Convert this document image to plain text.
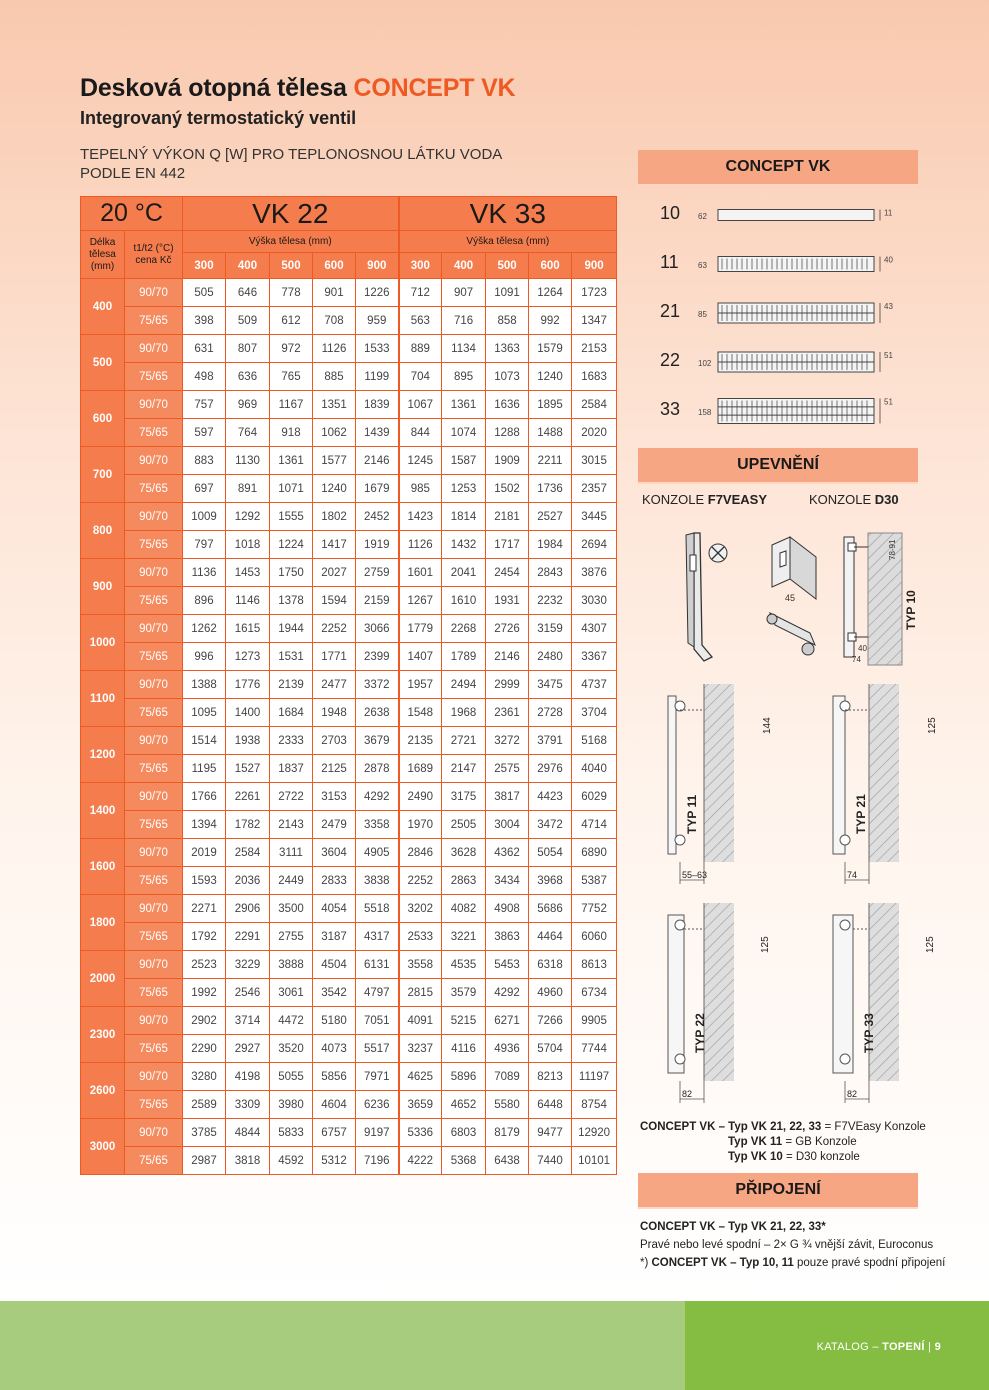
Desková otopná tělesa CONCEPT VK
Integrovaný termostatický ventil
TEPELNÝ VÝKON Q [W] PRO TEPLONOSNOU LÁTKU VODA
PODLE EN 442
20 °C		VK 22					VK 33				
Délka tělesa (mm)	t1/t2 (°C) cena Kč	Výška tělesa (mm)					Výška tělesa (mm)				
		300	400	500	600	900	300	400	500	600	900
400	90/70	505	646	778	901	1226	712	907	1091	1264	1723
	75/65	398	509	612	708	959	563	716	858	992	1347
500	90/70	631	807	972	1126	1533	889	1134	1363	1579	2153
	75/65	498	636	765	885	1199	704	895	1073	1240	1683
600	90/70	757	969	1167	1351	1839	1067	1361	1636	1895	2584
	75/65	597	764	918	1062	1439	844	1074	1288	1488	2020
700	90/70	883	1130	1361	1577	2146	1245	1587	1909	2211	3015
	75/65	697	891	1071	1240	1679	985	1253	1502	1736	2357
800	90/70	1009	1292	1555	1802	2452	1423	1814	2181	2527	3445
	75/65	797	1018	1224	1417	1919	1126	1432	1717	1984	2694
900	90/70	1136	1453	1750	2027	2759	1601	2041	2454	2843	3876
	75/65	896	1146	1378	1594	2159	1267	1610	1931	2232	3030
1000	90/70	1262	1615	1944	2252	3066	1779	2268	2726	3159	4307
	75/65	996	1273	1531	1771	2399	1407	1789	2146	2480	3367
1100	90/70	1388	1776	2139	2477	3372	1957	2494	2999	3475	4737
	75/65	1095	1400	1684	1948	2638	1548	1968	2361	2728	3704
1200	90/70	1514	1938	2333	2703	3679	2135	2721	3272	3791	5168
	75/65	1195	1527	1837	2125	2878	1689	2147	2575	2976	4040
1400	90/70	1766	2261	2722	3153	4292	2490	3175	3817	4423	6029
	75/65	1394	1782	2143	2479	3358	1970	2505	3004	3472	4714
1600	90/70	2019	2584	3111	3604	4905	2846	3628	4362	5054	6890
	75/65	1593	2036	2449	2833	3838	2252	2863	3434	3968	5387
1800	90/70	2271	2906	3500	4054	5518	3202	4082	4908	5686	7752
	75/65	1792	2291	2755	3187	4317	2533	3221	3863	4464	6060
2000	90/70	2523	3229	3888	4504	6131	3558	4535	5453	6318	8613
	75/65	1992	2546	3061	3542	4797	2815	3579	4292	4960	6734
2300	90/70	2902	3714	4472	5180	7051	4091	5215	6271	7266	9905
	75/65	2290	2927	3520	4073	5517	3237	4116	4936	5704	7744
2600	90/70	3280	4198	5055	5856	7971	4625	5896	7089	8213	11197
	75/65	2589	3309	3980	4604	6236	3659	4652	5580	6448	8754
3000	90/70	3785	4844	5833	6757	9197	5336	6803	8179	9477	12920
	75/65	2987	3818	4592	5312	7196	4222	5368	6438	7440	10101
CONCEPT VK
10 62	11
11 63
40
21 85
43
22 102
51
33 158
51
UPEVNĚNÍ
KONZOLE F7VEASY	KONZOLE D30
45
78-91
40
74
TYP 10
TYP 11
144
55–63
TYP 21
125
74
TYP 22
125
82
TYP 33
125
82
CONCEPT VK – Typ VK 21, 22, 33 = F7VEasy Konzole
Typ VK 11 = GB Konzole
Typ VK 10 = D30 konzole
PŘIPOJENÍ
CONCEPT VK – Typ VK 21, 22, 33*
Pravé nebo levé spodní – 2× G ¾ vnější závit, Euroconus
*) CONCEPT VK – Typ 10, 11 pouze pravé spodní připojení
KATALOG – TOPENÍ | 9
